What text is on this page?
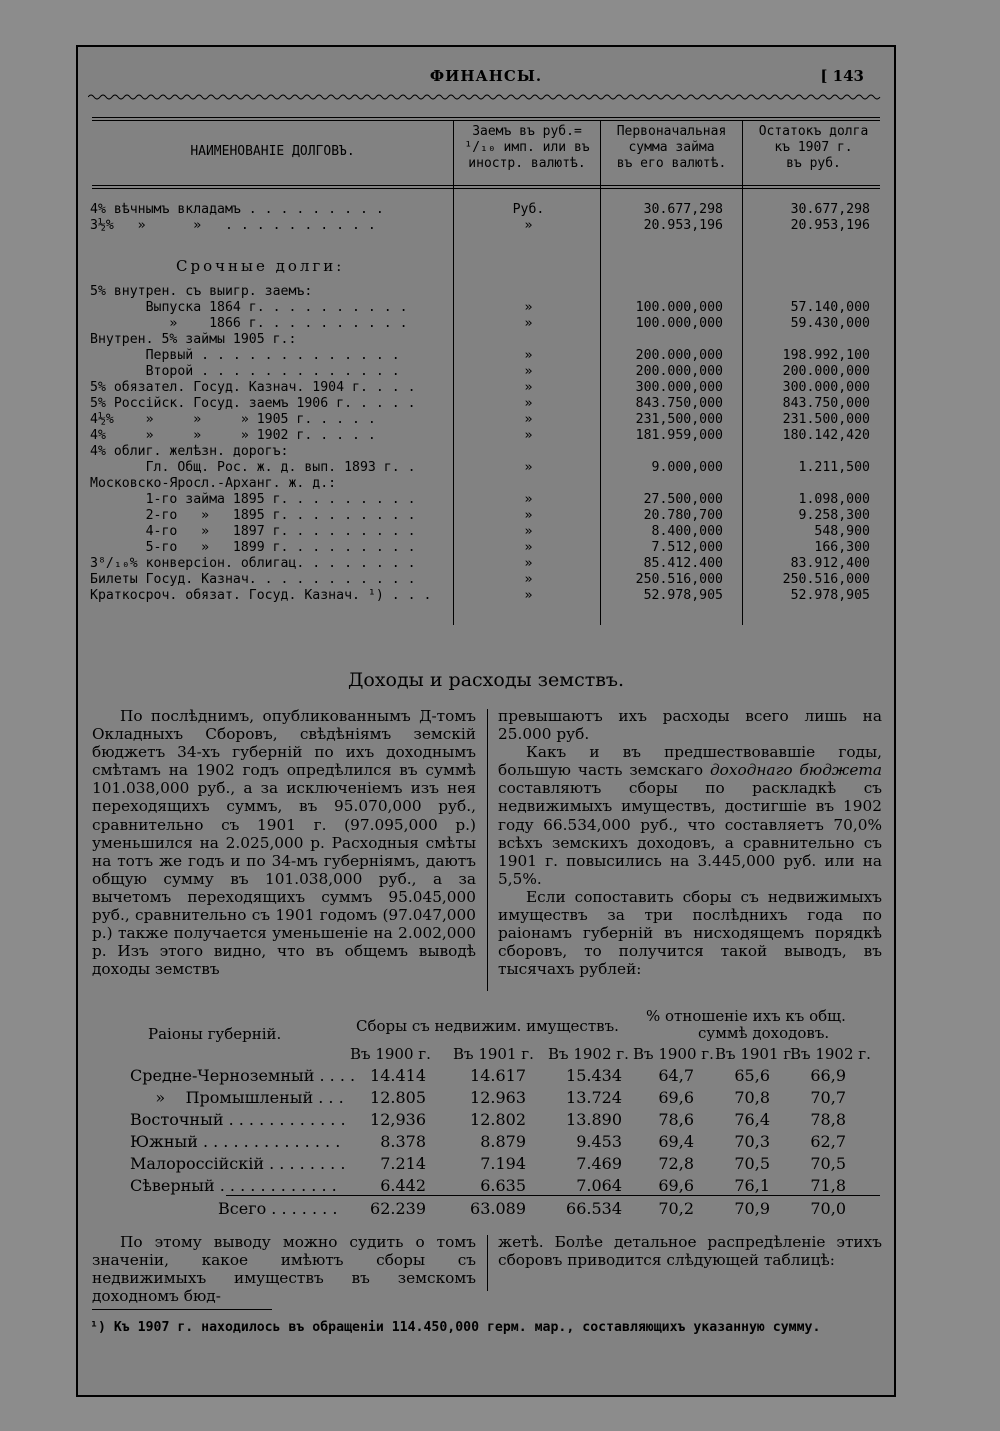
ФИНАНСЫ.	[ 143
НАИМЕНОВАНІЕ ДОЛГОВЪ.
Заемъ въ руб.=
¹/₁₀ имп. или въ
иностр. валютѣ.
Первоначальная
сумма займа
въ его валютѣ.
Остатокъ долга
къ 1907 г.
въ руб.
4% вѣчнымъ вкладамъ . . . . . . . . .	Руб.	30.677,298	30.677,298
3½%   »      »   . . . . . . . . . .	»	20.953,196	20.953,196
5% внутрен. съ выигр. заемъ:
Выпуска 1864 г. . . . . . . . . .	»	100.000,000	57.140,000
»    1866 г. . . . . . . . . .	»	100.000,000	59.430,000
Внутрен. 5% займы 1905 г.:
Первый . . . . . . . . . . . . .	»	200.000,000	198.992,100
Второй . . . . . . . . . . . . .	»	200.000,000	200.000,000
5% обязател. Госуд. Казнач. 1904 г. . . .	»	300.000,000	300.000,000
5% Россійск. Госуд. заемъ 1906 г. . . . .	»	843.750,000	843.750,000
4½%    »     »     » 1905 г. . . . .	»	231,500,000	231.500,000
4%     »     »     » 1902 г. . . . .	»	181.959,000	180.142,420
4% облиг. желѣзн. дорогъ:
Гл. Общ. Рос. ж. д. вып. 1893 г. .	»	9.000,000	1.211,500
Московско-Яросл.-Арханг. ж. д.:
1-го займа 1895 г. . . . . . . . .	»	27.500,000	1.098,000
2-го   »   1895 г. . . . . . . . .	»	20.780,700	9.258,300
4-го   »   1897 г. . . . . . . . .	»	8.400,000	548,900
5-го   »   1899 г. . . . . . . . .	»	7.512,000	166,300
3⁸/₁₀% конверсіон. облигац. . . . . . . .	»	85.412.400	83.912,400
Билеты Госуд. Казнач. . . . . . . . . . .	»	250.516,000	250.516,000
Краткосроч. обязат. Госуд. Казнач. ¹) . . .	»	52.978,905	52.978,905
Срочные долги:
Доходы и расходы земствъ.

По послѣднимъ, опубликованнымъ Д-томъ Окладныхъ Сборовъ, свѣдѣніямъ земскій бюджетъ 34-хъ губерній по ихъ доходнымъ смѣтамъ на 1902 годъ опредѣлился въ суммѣ 101.038,000 руб., а за исключеніемъ изъ нея переходящихъ суммъ, въ 95.070,000 руб., сравнительно съ 1901 г. (97.095,000 р.) уменьшился на 2.025,000 р. Расходныя смѣты на тотъ же годъ и по 34-мъ губерніямъ, даютъ общую сумму въ 101.038,000 руб., а за вычетомъ переходящихъ суммъ 95.045,000 руб., сравнительно съ 1901 годомъ (97.047,000 р.) также получается уменьшеніе на 2.002,000 р. Изъ этого видно, что въ общемъ выводѣ доходы земствъ

превышаютъ ихъ расходы всего лишь на 25.000 руб.

Какъ и въ предшествовавшіе годы, большую часть земскаго доходнаго бюджета составляютъ сборы по раскладкѣ съ недвижимыхъ имуществъ, достигшіе въ 1902 году 66.534,000 руб., что составляетъ 70,0% всѣхъ земскихъ доходовъ, а сравнительно съ 1901 г. повысились на 3.445,000 руб. или на 5,5%.

Если сопоставить сборы съ недвижимыхъ имуществъ за три послѣднихъ года по раіонамъ губерній въ нисходящемъ порядкѣ сборовъ, то получится такой выводъ, въ тысячахъ рублей:

Раіоны губерній.	Сборы съ недвижим. имуществъ.
% отношеніе ихъ къ общ.
суммѣ доходовъ.
Въ 1900 г. Въ 1901 г. Въ 1902 г. Въ 1900 г. Въ 1901 г.
Въ 1902 г.
Средне-Черноземный . . . . 14.414	14.617	15.434	64,7	65,6	66,9
»    Промышленый . . .	12.805	12.963	13.724	69,6	70,8	70,7
Восточный . . . . . . . . . . . .	12,936	12.802	13.890	78,6	76,4	78,8
Южный . . . . . . . . . . . . . .	8.378	8.879	9.453	69,4	70,3	62,7
Малороссійскій . . . . . . . .	7.214	7.194	7.469	72,8	70,5	70,5
Сѣверный . . . . . . . . . . . .	6.442	6.635	7.064	69,6	76,1	71,8
Всего . . . . . . .	62.239	63.089	66.534	70,2	70,9	70,0

По этому выводу можно судить о томъ значеніи, какое имѣютъ сборы съ недвижимыхъ имуществъ въ земскомъ доходномъ бюд-

жетѣ. Болѣе детальное распредѣленіе этихъ сборовъ приводится слѣдующей таблицѣ:

¹) Къ 1907 г. находилось въ обращеніи 114.450,000 герм. мар., составляющихъ указанную сумму.
